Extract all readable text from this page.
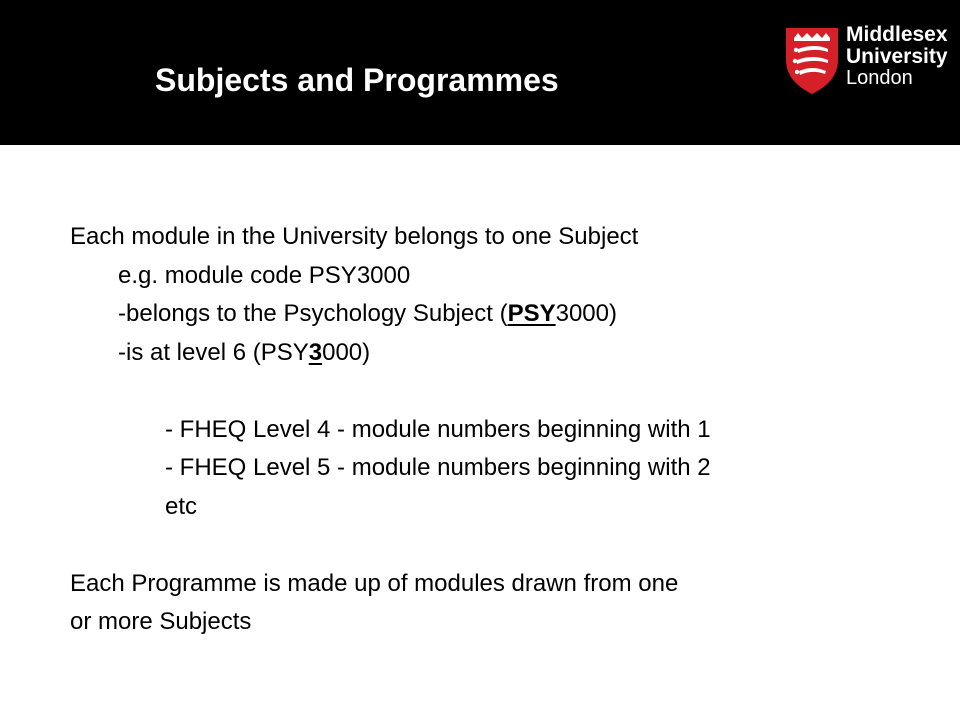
Subjects and Programmes
Middlesex
University
London
Each module in the University belongs to one Subject
e.g. module code PSY3000
-belongs to the Psychology Subject (PSY3000)
-is at level 6 (PSY3000)
- FHEQ Level 4 - module numbers beginning with 1
- FHEQ Level 5 - module numbers beginning with 2
etc
Each Programme is made up of modules drawn from one
or more Subjects
